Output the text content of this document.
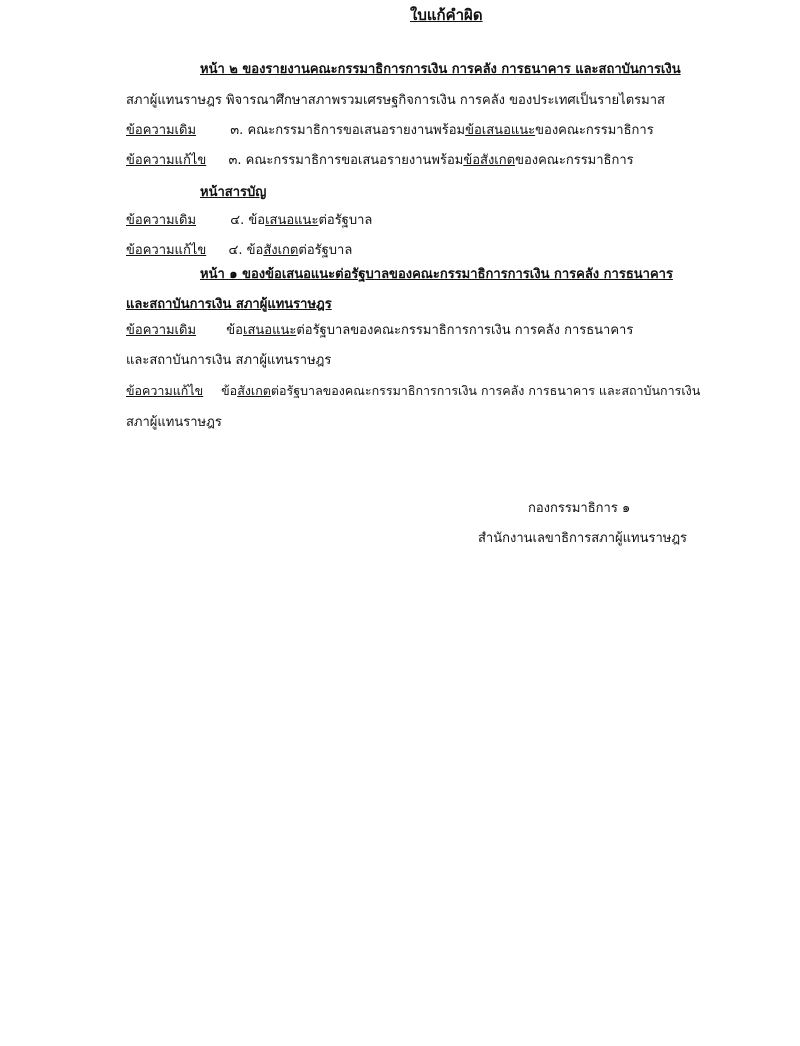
ใบแก้คำผิด
หน้า ๒ ของรายงานคณะกรรมาธิการการเงิน การคลัง การธนาคาร และสถาบันการเงิน
สภาผู้แทนราษฎร พิจารณาศึกษาสภาพรวมเศรษฐกิจการเงิน การคลัง ของประเทศเป็นรายไตรมาส
ข้อความเดิม	๓. คณะกรรมาธิการขอเสนอรายงานพร้อมข้อเสนอแนะของคณะกรรมาธิการ
ข้อความแก้ไข ๓. คณะกรรมาธิการขอเสนอรายงานพร้อมข้อสังเกตของคณะกรรมาธิการ
หน้าสารบัญ
ข้อความเดิม	๔. ข้อเสนอแนะต่อรัฐบาล
ข้อความแก้ไข ๔. ข้อสังเกตต่อรัฐบาล
หน้า ๑ ของข้อเสนอแนะต่อรัฐบาลของคณะกรรมาธิการการเงิน การคลัง การธนาคาร
และสถาบันการเงิน สภาผู้แทนราษฎร
ข้อความเดิม ข้อเสนอแนะต่อรัฐบาลของคณะกรรมาธิการการเงิน การคลัง การธนาคาร
และสถาบันการเงิน สภาผู้แทนราษฎร
ข้อความแก้ไข ข้อสังเกตต่อรัฐบาลของคณะกรรมาธิการการเงิน การคลัง การธนาคาร และสถาบันการเงิน
สภาผู้แทนราษฎร
กองกรรมาธิการ ๑
สำนักงานเลขาธิการสภาผู้แทนราษฎร
